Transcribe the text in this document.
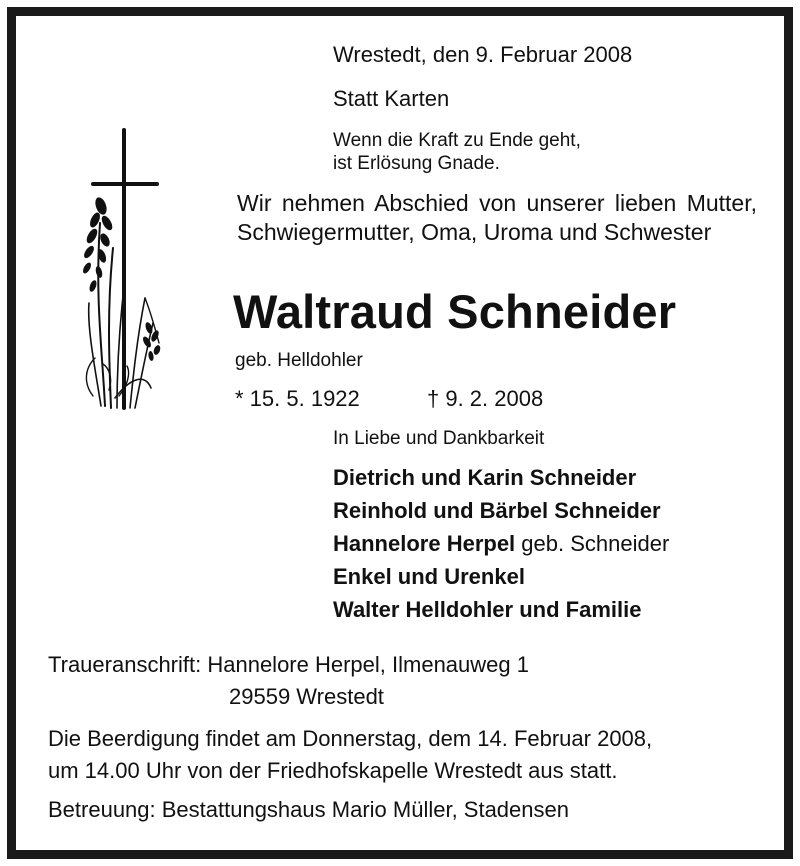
Wrestedt, den 9. Februar 2008
Statt Karten
Wenn die Kraft zu Ende geht,
ist Erlösung Gnade.
Wir nehmen Abschied von unserer lieben Mutter, Schwiegermutter, Oma, Uroma und Schwester
Waltraud Schneider
geb. Helldohler
* 15. 5. 1922	† 9. 2. 2008
In Liebe und Dankbarkeit
Dietrich und Karin Schneider
Reinhold und Bärbel Schneider
Hannelore Herpel geb. Schneider
Enkel und Urenkel
Walter Helldohler und Familie
Traueranschrift: Hannelore Herpel, Ilmenauweg 1
29559 Wrestedt
Die Beerdigung findet am Donnerstag, dem 14. Februar 2008,
um 14.00 Uhr von der Friedhofskapelle Wrestedt aus statt.
Betreuung: Bestattungshaus Mario Müller, Stadensen
